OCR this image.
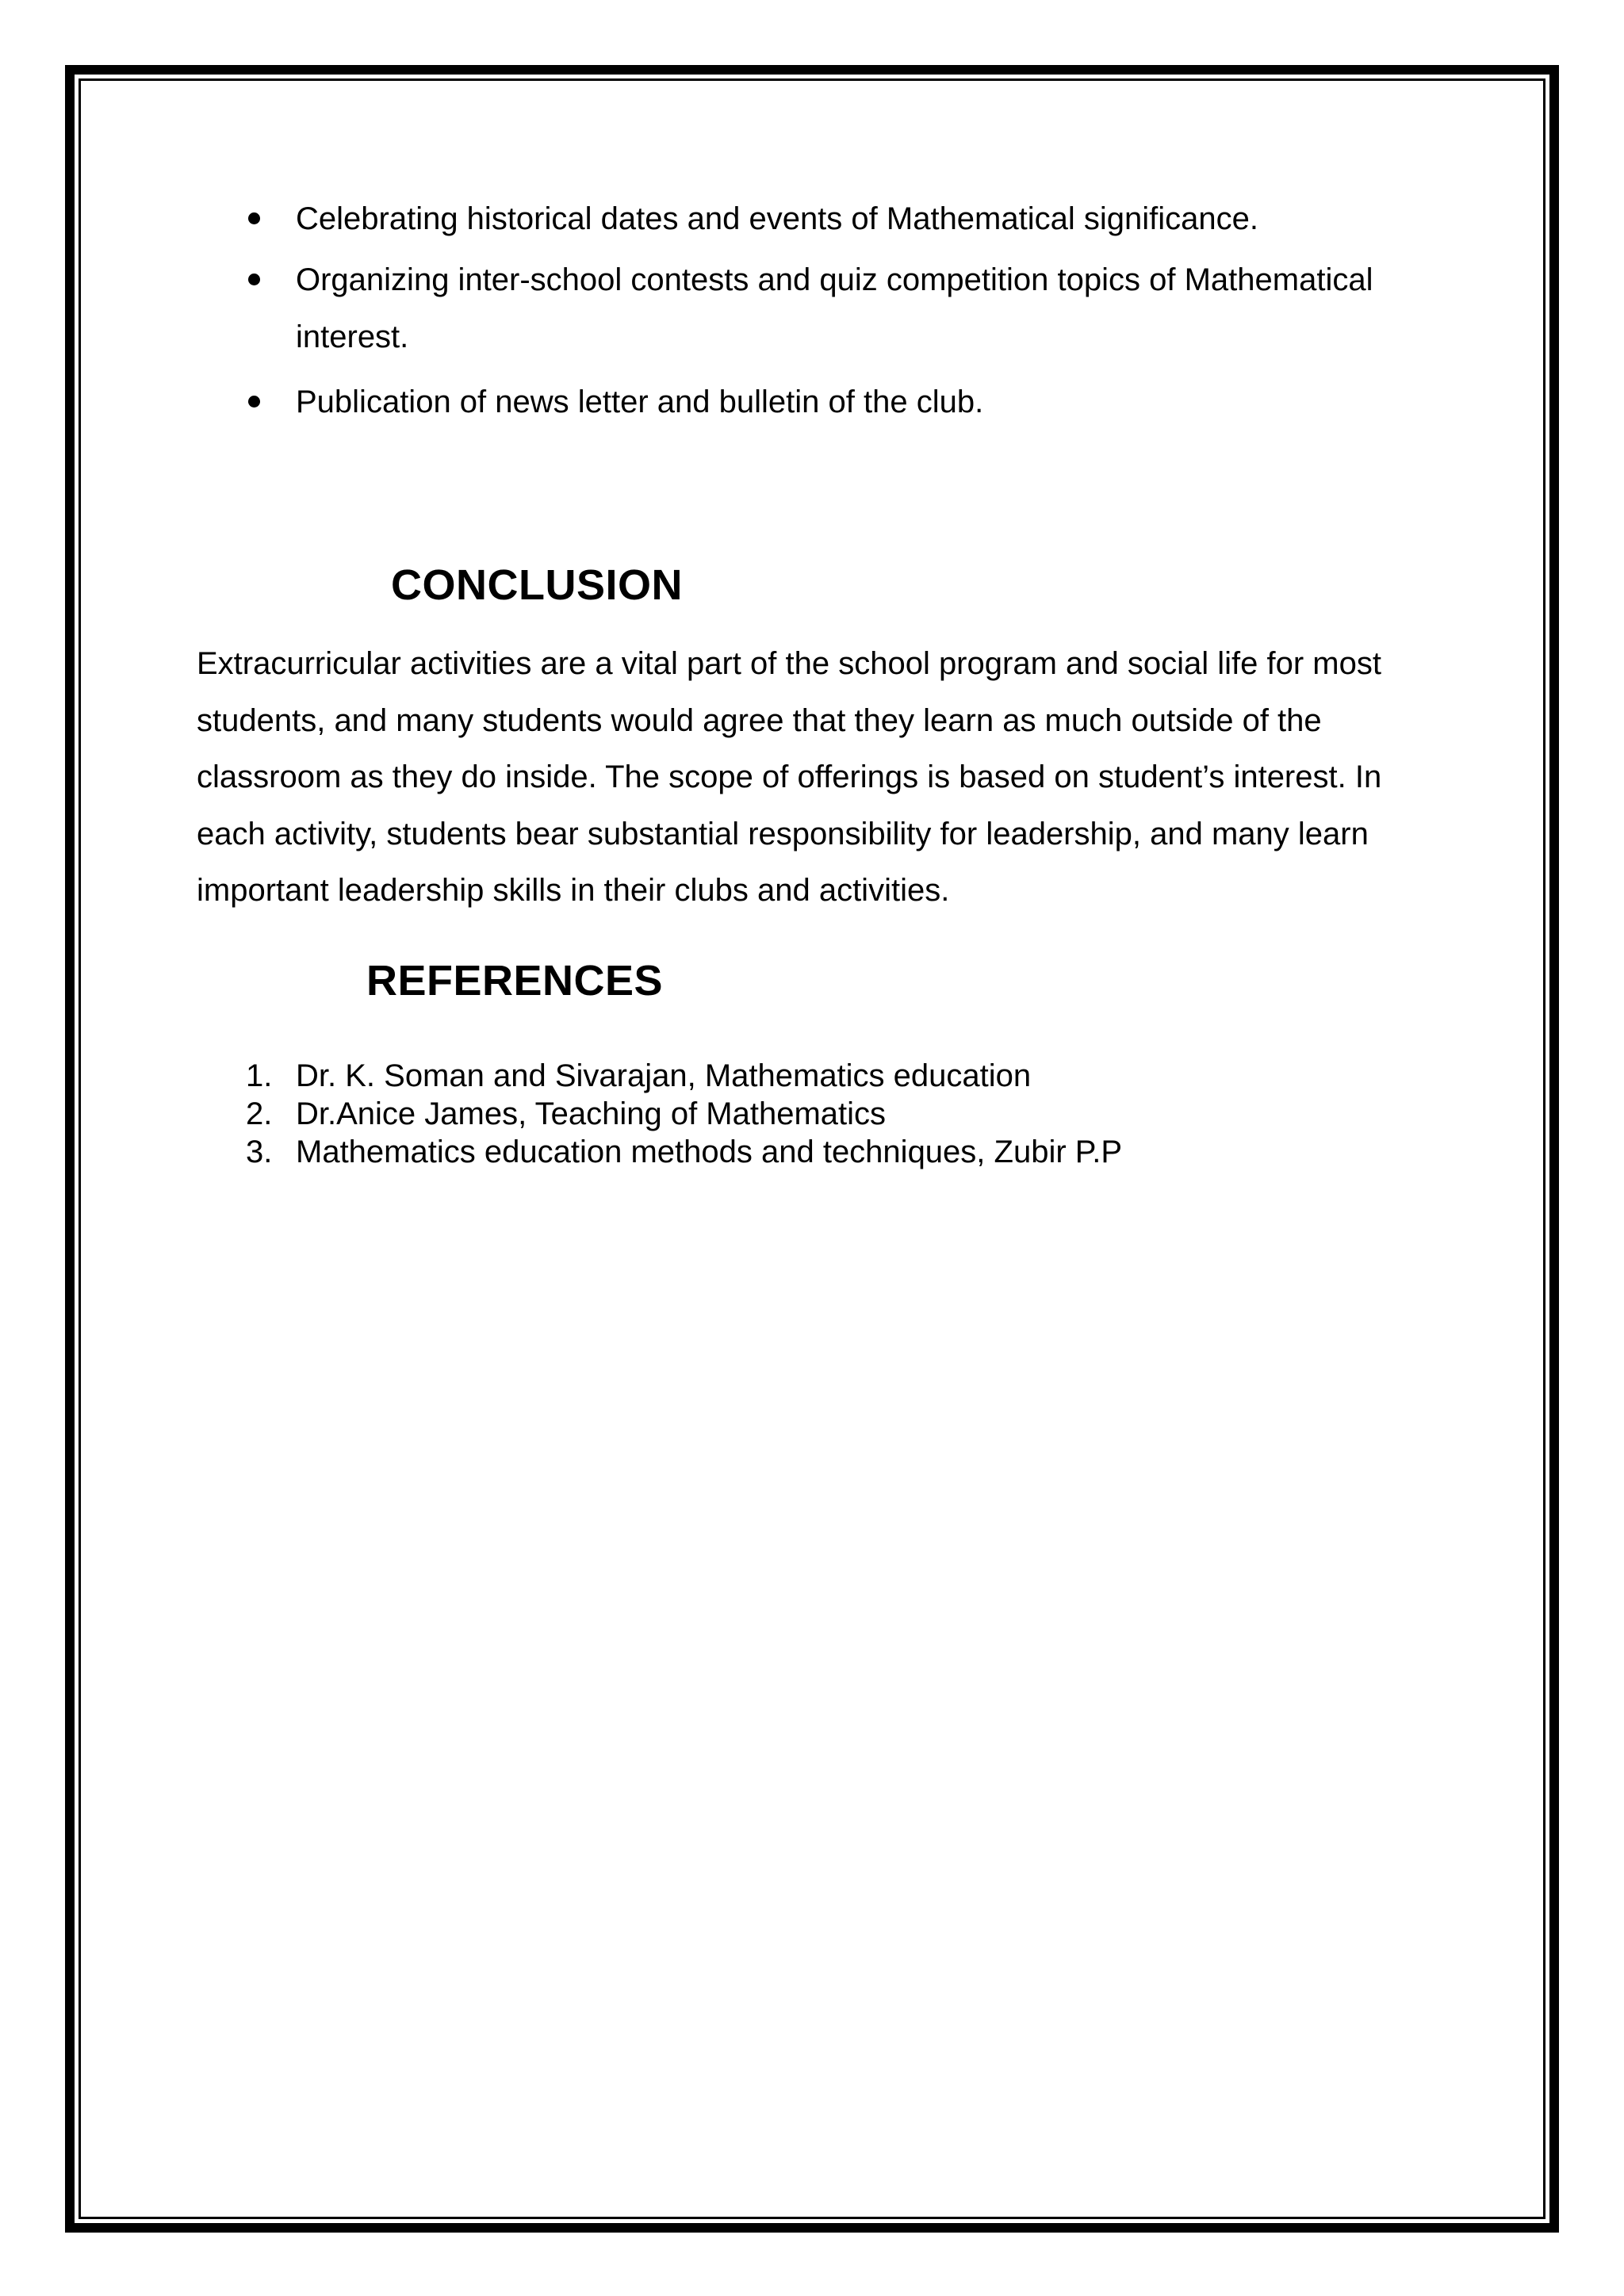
Celebrating historical dates and events of Mathematical significance.
Organizing inter-school contests and quiz competition topics of Mathematical interest.
Publication of news letter and bulletin of the club.
CONCLUSION
Extracurricular activities are a vital part of the school program and social life for most students, and many students would agree that they learn as much outside of the classroom as they do inside. The scope of offerings is based on student’s interest. In each activity, students bear substantial responsibility for leadership, and many learn important leadership skills in their clubs and activities.
REFERENCES
1. Dr. K. Soman and Sivarajan, Mathematics education
2. Dr.Anice James, Teaching of Mathematics
3. Mathematics education methods and techniques, Zubir P.P
